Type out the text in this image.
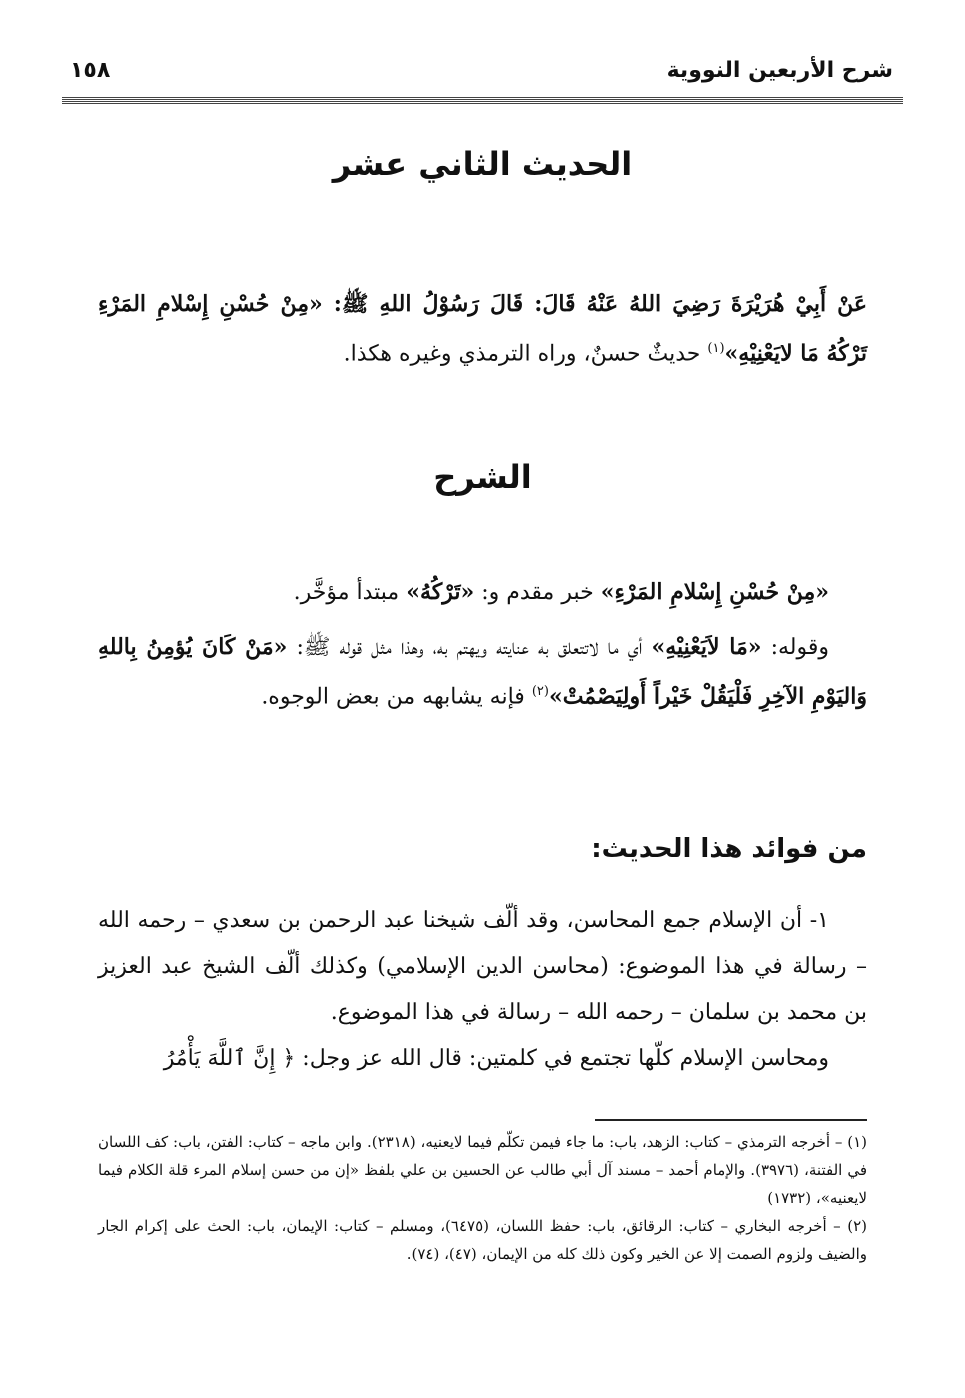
شرح الأربعين النووية
١٥٨
الحديث الثاني عشر
عَنْ أَبِيْ هُرَيْرَةَ رَضِيَ اللهُ عَنْهُ قَالَ: قَالَ رَسُوْلُ اللهِ ﷺ: «مِنْ حُسْنِ إِسْلامِ المَرْءِ تَرْكُهُ مَا لايَعْنِيْهِ»$^{(١)}$ حديثٌ حسنٌ، وراه الترمذي وغيره هكذا.
الشرح

«مِنْ حُسْنِ إِسْلامِ المَرْءِ» خبر مقدم و: «تَرْكُهُ» مبتدأ مؤخَّر.

وقوله: «مَا لاَيَعْنِيْهِ» أي ما لاتتعلق به عنايته ويهتم به، وهذا مثل قوله ﷺ: «مَنْ كَانَ يُؤمِنُ بِاللهِ وَاليَوْمِ الآخِرِ فَلْيَقُلْ خَيْراً أَولِيَصْمُتْ»$^{(٢)}$ فإنه يشابهه من بعض الوجوه.

من فوائد هذا الحديث:

١- أن الإسلام جمع المحاسن، وقد ألّف شيخنا عبد الرحمن بن سعدي – رحمه الله – رسالة في هذا الموضوع: (محاسن الدين الإسلامي) وكذلك ألّف الشيخ عبد العزيز بن محمد بن سلمان – رحمه الله – رسالة في هذا الموضوع.

ومحاسن الإسلام كلّها تجتمع في كلمتين: قال الله عز وجل: ﴿ إِنَّ ٱللَّهَ يَأْمُرُ

(١) – أخرجه الترمذي – كتاب: الزهد، باب: ما جاء فيمن تكلّم فيما لايعنيه، (٢٣١٨). وابن ماجه – كتاب: الفتن، باب: كف اللسان في الفتنة، (٣٩٧٦). والإمام أحمد – مسند آل أبي طالب عن الحسين بن علي بلفظ «إن من حسن إسلام المرء قلة الكلام فيما لايعنيه»، (١٧٣٢)

(٢) – أخرجه البخاري – كتاب: الرقائق، باب: حفظ اللسان، (٦٤٧٥)، ومسلم – كتاب: الإيمان، باب: الحث على إكرام الجار والضيف ولزوم الصمت إلا عن الخير وكون ذلك كله من الإيمان، (٤٧)، (٧٤).
